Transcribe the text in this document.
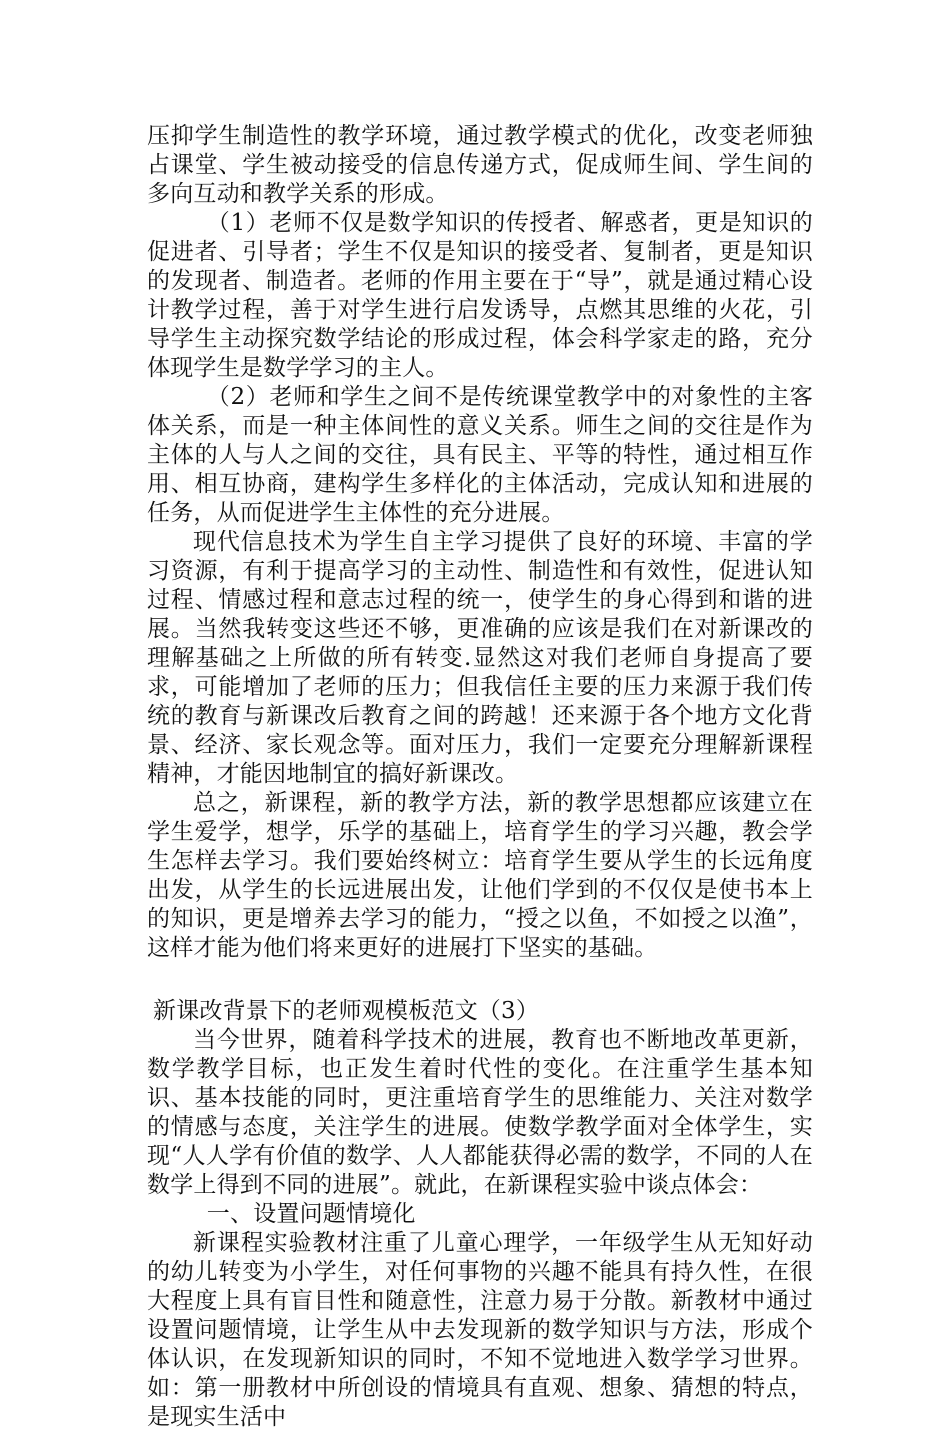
压抑学生制造性的教学环境，通过教学模式的优化，改变老师独占课堂、学生被动接受的信息传递方式，促成师生间、学生间的多向互动和教学关系的形成。

（1）老师不仅是数学知识的传授者、解惑者，更是知识的促进者、引导者；学生不仅是知识的接受者、复制者，更是知识的发现者、制造者。老师的作用主要在于“导”，就是通过精心设计教学过程，善于对学生进行启发诱导，点燃其思维的火花，引导学生主动探究数学结论的形成过程，体会科学家走的路，充分体现学生是数学学习的主人。

（2）老师和学生之间不是传统课堂教学中的对象性的主客体关系，而是一种主体间性的意义关系。师生之间的交往是作为主体的人与人之间的交往，具有民主、平等的特性，通过相互作用、相互协商，建构学生多样化的主体活动，完成认知和进展的任务，从而促进学生主体性的充分进展。

现代信息技术为学生自主学习提供了良好的环境、丰富的学习资源，有利于提高学习的主动性、制造性和有效性，促进认知过程、情感过程和意志过程的统一，使学生的身心得到和谐的进展。当然我转变这些还不够，更准确的应该是我们在对新课改的理解基础之上所做的所有转变.显然这对我们老师自身提高了要求，可能增加了老师的压力；但我信任主要的压力来源于我们传统的教育与新课改后教育之间的跨越！还来源于各个地方文化背景、经济、家长观念等。面对压力，我们一定要充分理解新课程精神，才能因地制宜的搞好新课改。

总之，新课程，新的教学方法，新的教学思想都应该建立在学生爱学，想学，乐学的基础上，培育学生的学习兴趣，教会学生怎样去学习。我们要始终树立：培育学生要从学生的长远角度出发，从学生的长远进展出发，让他们学到的不仅仅是使书本上的知识，更是增养去学习的能力，“授之以鱼，不如授之以渔”，这样才能为他们将来更好的进展打下坚实的基础。

新课改背景下的老师观模板范文（3）

当今世界，随着科学技术的进展，教育也不断地改革更新，数学教学目标，也正发生着时代性的变化。在注重学生基本知识、基本技能的同时，更注重培育学生的思维能力、关注对数学的情感与态度，关注学生的进展。使数学教学面对全体学生，实现“人人学有价值的数学、人人都能获得必需的数学，不同的人在数学上得到不同的进展”。就此，在新课程实验中谈点体会：

一、设置问题情境化

新课程实验教材注重了儿童心理学，一年级学生从无知好动的幼儿转变为小学生，对任何事物的兴趣不能具有持久性，在很大程度上具有盲目性和随意性，注意力易于分散。新教材中通过设置问题情境，让学生从中去发现新的数学知识与方法，形成个体认识，在发现新知识的同时，不知不觉地进入数学学习世界。如：第一册教材中所创设的情境具有直观、想象、猜想的特点，是现实生活中
